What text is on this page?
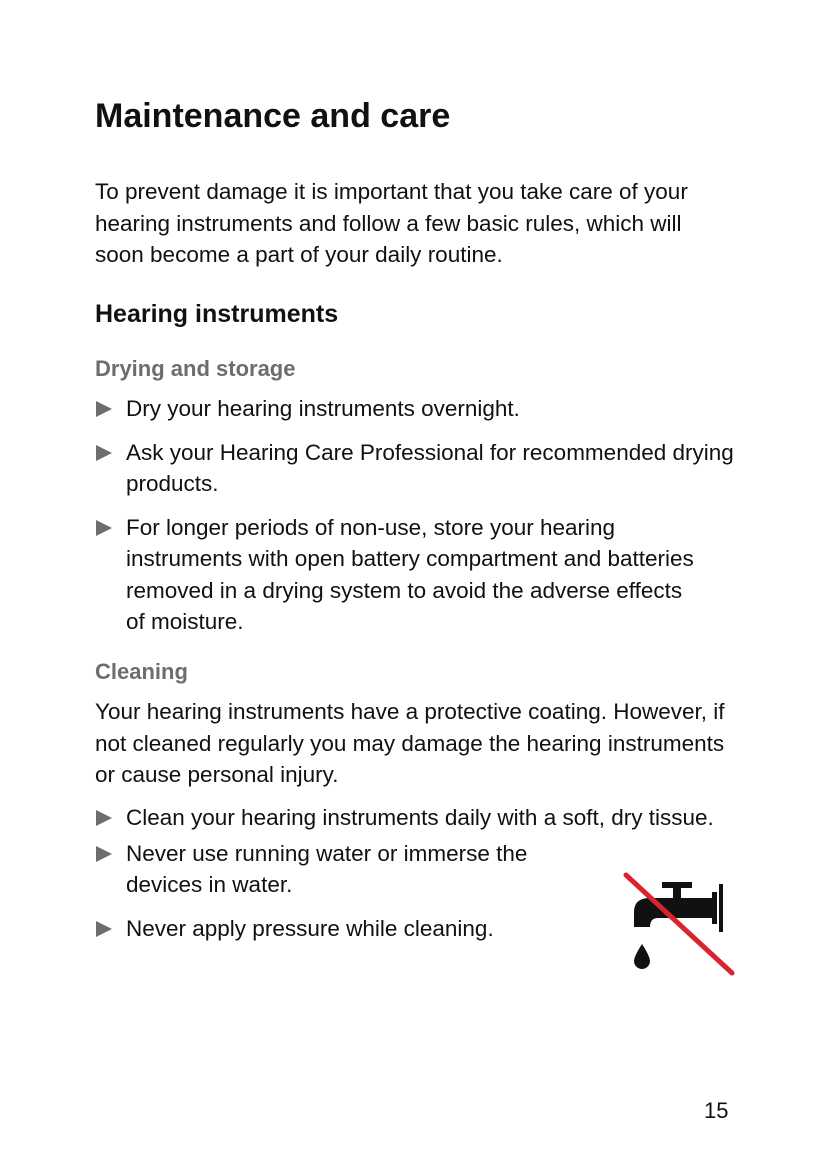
Maintenance and care

To prevent damage it is important that you take care of your hearing instruments and follow a few basic rules, which will soon become a part of your daily routine.

Hearing instruments
Drying and storage
Dry your hearing instruments overnight.
Ask your Hearing Care Professional for recommended drying products.
For longer periods of non-use, store your hearing instruments with open battery compartment and batteries removed in a drying system to avoid the adverse effects of moisture.
Cleaning

Your hearing instruments have a protective coating. However, if not cleaned regularly you may damage the hearing instruments or cause personal injury.

Clean your hearing instruments daily with a soft, dry tissue.
Never use running water or immerse the devices in water.
Never apply pressure while cleaning.
15
